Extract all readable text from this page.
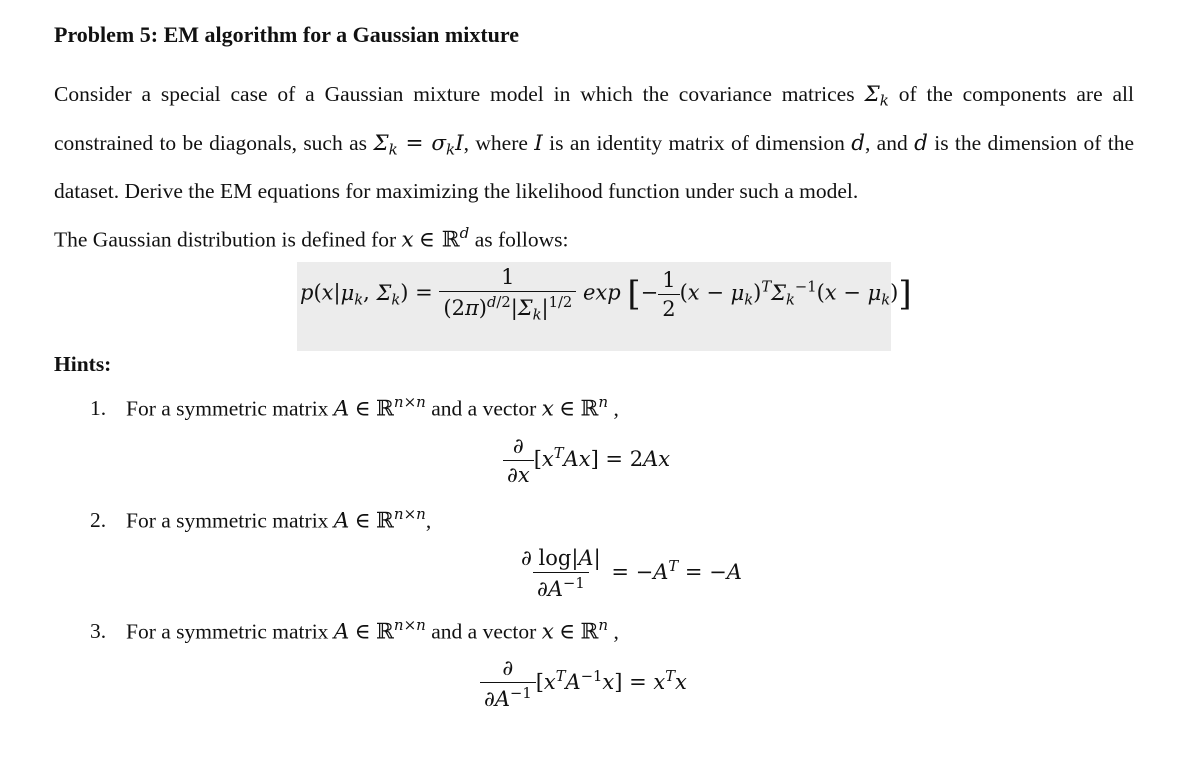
Problem 5: EM algorithm for a Gaussian mixture

Consider a special case of a Gaussian mixture model in which the covariance matrices $\Sigma_k$ of the components are all constrained to be diagonals, such as $\Sigma_k = \sigma_kI$, where I is an identity matrix of dimension d, and d is the dimension of the dataset. Derive the EM equations for maximizing the likelihood function under such a model.

The Gaussian distribution is defined for x ∈ ℝ$^d$ as follows:

$p(x|\mu_k$, $\Sigma_k) = \frac{1}{(2\pi)^{d/2}|\Sigma_k|^{1/2}}$ exp [− $\frac{1}{2} (x - \mu_k)^T\Sigma_k^{-1}(x - \mu_k)$]
Hints:
1. For a symmetric matrix A ∈ ℝ$^{n\times n}$ and a vector x ∈ ℝ$^n$ ,
$\frac{\partial}{\partial x} [x^TAx] = 2Ax$
2. For a symmetric matrix A ∈ ℝ$^{n\times n}$,
$\frac{\partial \log|A|}{\partial A^{-1}} = -A^T = -A$
3. For a symmetric matrix A ∈ ℝ$^{n\times n}$ and a vector x ∈ ℝ$^n$ ,
$\frac{\partial}{\partial A^{-1}} [x^TA^{-1}x] = x^Tx$
